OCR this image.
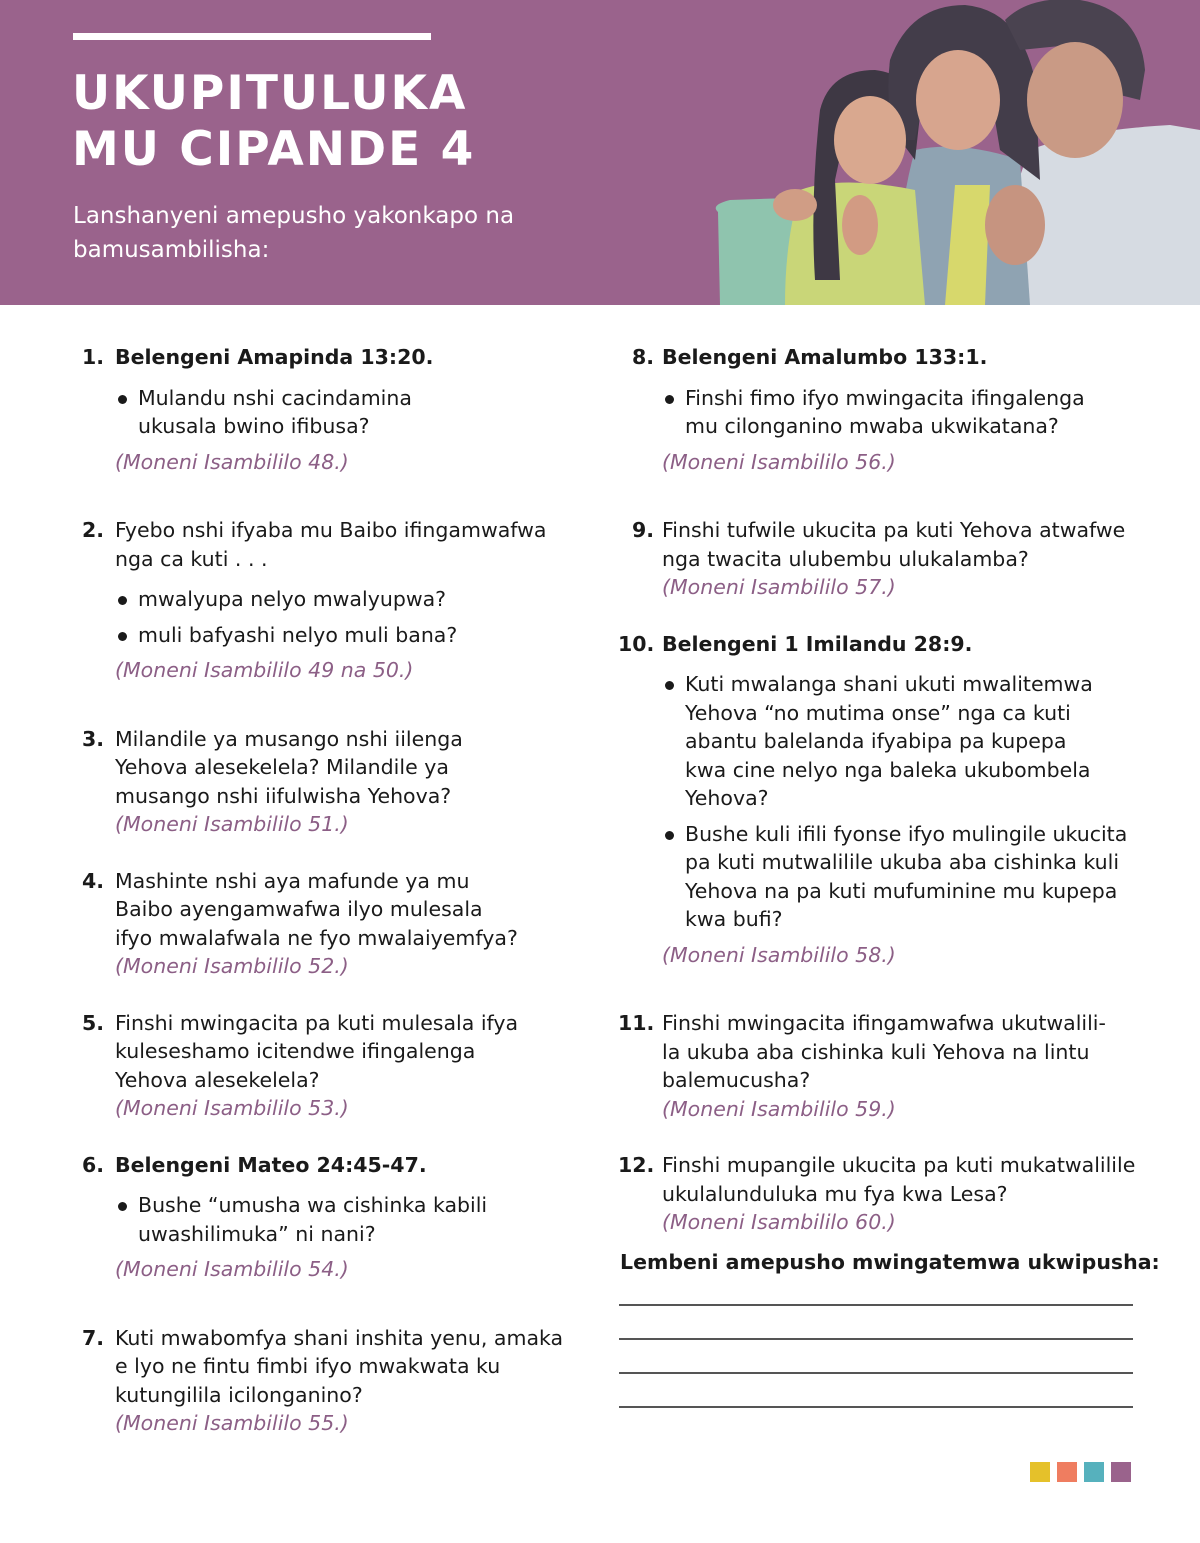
UKUPITULUKA
MU CIPANDE 4
Lanshanyeni amepusho yakonkapo na bamusambilisha:
1. Belengeni Amapinda 13:20.
Mulandu nshi cacindamina ukusala bwino ifibusa?
(Moneni Isambililo 48.)
2. Fyebo nshi ifyaba mu Baibo ifingamwafwa nga ca kuti . . .
mwalyupa nelyo mwalyupwa?
muli bafyashi nelyo muli bana?
(Moneni Isambililo 49 na 50.)
3. Milandile ya musango nshi iilenga Yehova alesekelela? Milandile ya musango nshi iifulwisha Yehova?
(Moneni Isambililo 51.)
4. Mashinte nshi aya mafunde ya mu Baibo ayengamwafwa ilyo mulesala ifyo mwalafwala ne fyo mwalaiyemfya?
(Moneni Isambililo 52.)
5. Finshi mwingacita pa kuti mulesala ifya kuleseshamo icitendwe ifingalenga Yehova alesekelela?
(Moneni Isambililo 53.)
6. Belengeni Mateo 24:45-47.
Bushe “umusha wa cishinka kabili uwashilimuka” ni nani?
(Moneni Isambililo 54.)
7. Kuti mwabomfya shani inshita yenu, amaka e lyo ne fintu fimbi ifyo mwakwata ku kutungilila icilonganino?
(Moneni Isambililo 55.)
8. Belengeni Amalumbo 133:1.
Finshi fimo ifyo mwingacita ifingalenga mu cilonganino mwaba ukwikatana?
(Moneni Isambililo 56.)
9. Finshi tufwile ukucita pa kuti Yehova atwafwe nga twacita ulubembu ulukalamba?
(Moneni Isambililo 57.)
10. Belengeni 1 Imilandu 28:9.
Kuti mwalanga shani ukuti mwalitemwa Yehova “no mutima onse” nga ca kuti abantu balelanda ifyabipa pa kupepa kwa cine nelyo nga baleka ukubombela Yehova?
Bushe kuli ifili fyonse ifyo mulingile ukucita pa kuti mutwalilile ukuba aba cishinka kuli Yehova na pa kuti mufuminine mu kupepa kwa bufi?
(Moneni Isambililo 58.)
11. Finshi mwingacita ifingamwafwa ukutwalili-la ukuba aba cishinka kuli Yehova na lintu balemucusha?
(Moneni Isambililo 59.)
12. Finshi mupangile ukucita pa kuti mukatwalilile ukulalunduluka mu fya kwa Lesa?
(Moneni Isambililo 60.)
Lembeni amepusho mwingatemwa ukwipusha:
